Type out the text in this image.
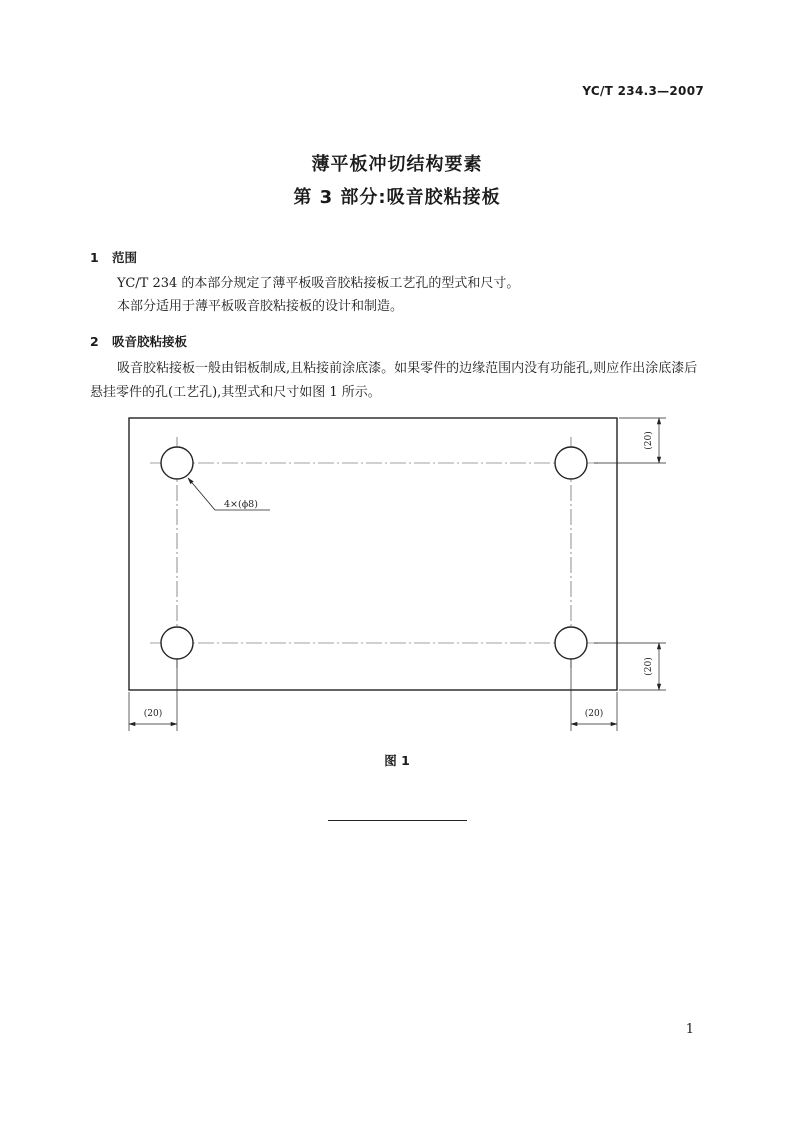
YC/T 234.3—2007
薄平板冲切结构要素
第 3 部分:吸音胶粘接板
1 范围
YC/T 234 的本部分规定了薄平板吸音胶粘接板工艺孔的型式和尺寸。
本部分适用于薄平板吸音胶粘接板的设计和制造。
2 吸音胶粘接板
吸音胶粘接板一般由铝板制成,且粘接前涂底漆。如果零件的边缘范围内没有功能孔,则应作出涂底漆后悬挂零件的孔(工艺孔),其型式和尺寸如图 1 所示。
4×(ϕ8)
(20)
(20)
(20)	(20)
图 1
1
